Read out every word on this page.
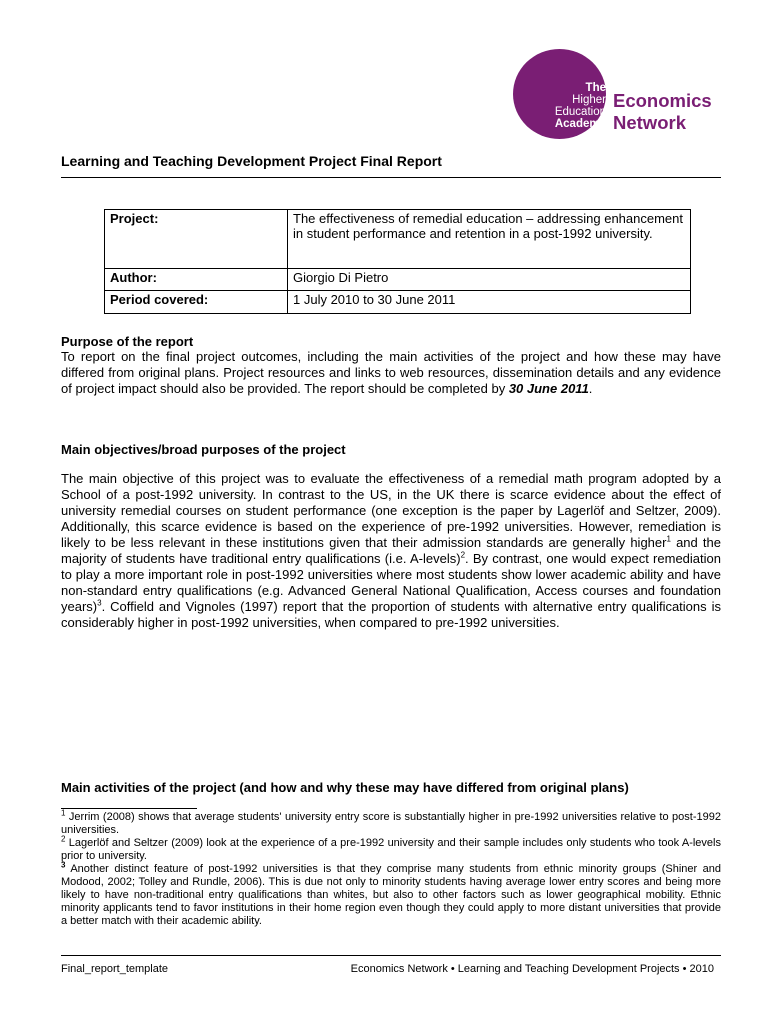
The
Higher
Education
Academy
Economics
Network
Learning and Teaching Development Project Final Report
Project:	The effectiveness of remedial education – addressing enhancement in student performance and retention in a post-1992 university.
Author:	Giorgio Di Pietro
Period covered:	1 July 2010 to 30 June 2011
Purpose of the report
To report on the final project outcomes, including the main activities of the project and how these may have differed from original plans. Project resources and links to web resources, dissemination details and any evidence of project impact should also be provided. The report should be completed by 30 June 2011.
Main objectives/broad purposes of the project
The main objective of this project was to evaluate the effectiveness of a remedial math program adopted by a School of a post-1992 university. In contrast to the US, in the UK there is scarce evidence about the effect of university remedial courses on student performance (one exception is the paper by Lagerlöf and Seltzer, 2009). Additionally, this scarce evidence is based on the experience of pre-1992 universities. However, remediation is likely to be less relevant in these institutions given that their admission standards are generally higher$^1$ and the majority of students have traditional entry qualifications (i.e. A-levels)$^2$. By contrast, one would expect remediation to play a more important role in post-1992 universities where most students show lower academic ability and have non-standard entry qualifications (e.g. Advanced General National Qualification, Access courses and foundation years)$^3$. Coffield and Vignoles (1997) report that the proportion of students with alternative entry qualifications is considerably higher in post-1992 universities, when compared to pre-1992 universities.
Main activities of the project (and how and why these may have differed from original plans)

$^1$ Jerrim (2008) shows that average students' university entry score is substantially higher in pre-1992 universities relative to post-1992 universities.

$^2$ Lagerlöf and Seltzer (2009) look at the experience of a pre-1992 university and their sample includes only students who took A-levels prior to university.

$^3$ Another distinct feature of post-1992 universities is that they comprise many students from ethnic minority groups (Shiner and Modood, 2002; Tolley and Rundle, 2006). This is due not only to minority students having average lower entry scores and being more likely to have non-traditional entry qualifications than whites, but also to other factors such as lower geographical mobility. Ethnic minority applicants tend to favor institutions in their home region even though they could apply to more distant universities that provide a better match with their academic ability.

Final_report_template	Economics Network • Learning and Teaching Development Projects • 2010
